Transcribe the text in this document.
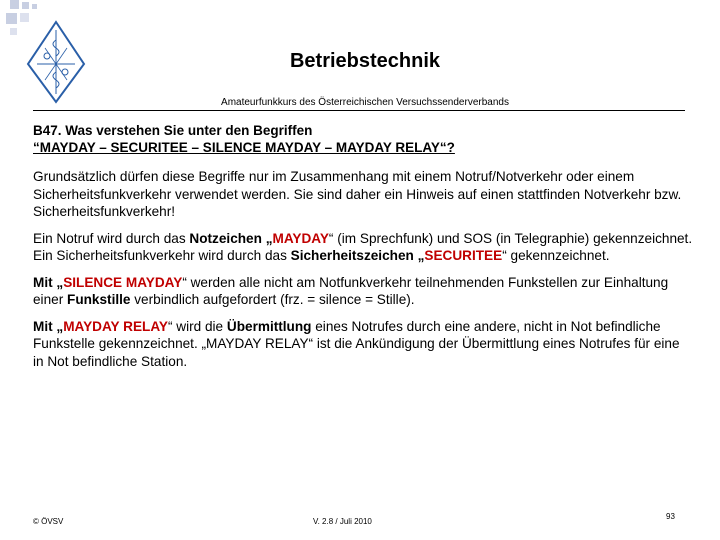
Betriebstechnik
Amateurfunkkurs des Österreichischen Versuchssenderverbands
B47. Was verstehen Sie unter den Begriffen
“MAYDAY – SECURITEE – SILENCE MAYDAY – MAYDAY RELAY“?

Grundsätzlich dürfen diese Begriffe nur im Zusammenhang mit einem Notruf/Notverkehr oder einem Sicherheitsfunkverkehr verwendet werden. Sie sind daher ein Hinweis auf einen stattfinden Notverkehr bzw. Sicherheitsfunkverkehr!

Ein Notruf wird durch das Notzeichen „MAYDAY“ (im Sprechfunk) und SOS (in Telegraphie) gekennzeichnet.
Ein Sicherheitsfunkverkehr wird durch das Sicherheitszeichen „SECURITEE“ gekennzeichnet.

Mit „SILENCE MAYDAY“ werden alle nicht am Notfunkverkehr teilnehmenden Funkstellen zur Einhaltung einer Funkstille verbindlich aufgefordert (frz. = silence = Stille).

Mit „MAYDAY RELAY“ wird die Übermittlung eines Notrufes durch eine andere, nicht in Not befindliche Funkstelle gekennzeichnet. „MAYDAY RELAY“ ist die Ankündigung der Übermittlung eines Notrufes für eine in Not befindliche Station.

© ÖVSV	V. 2.8 / Juli 2010
93
